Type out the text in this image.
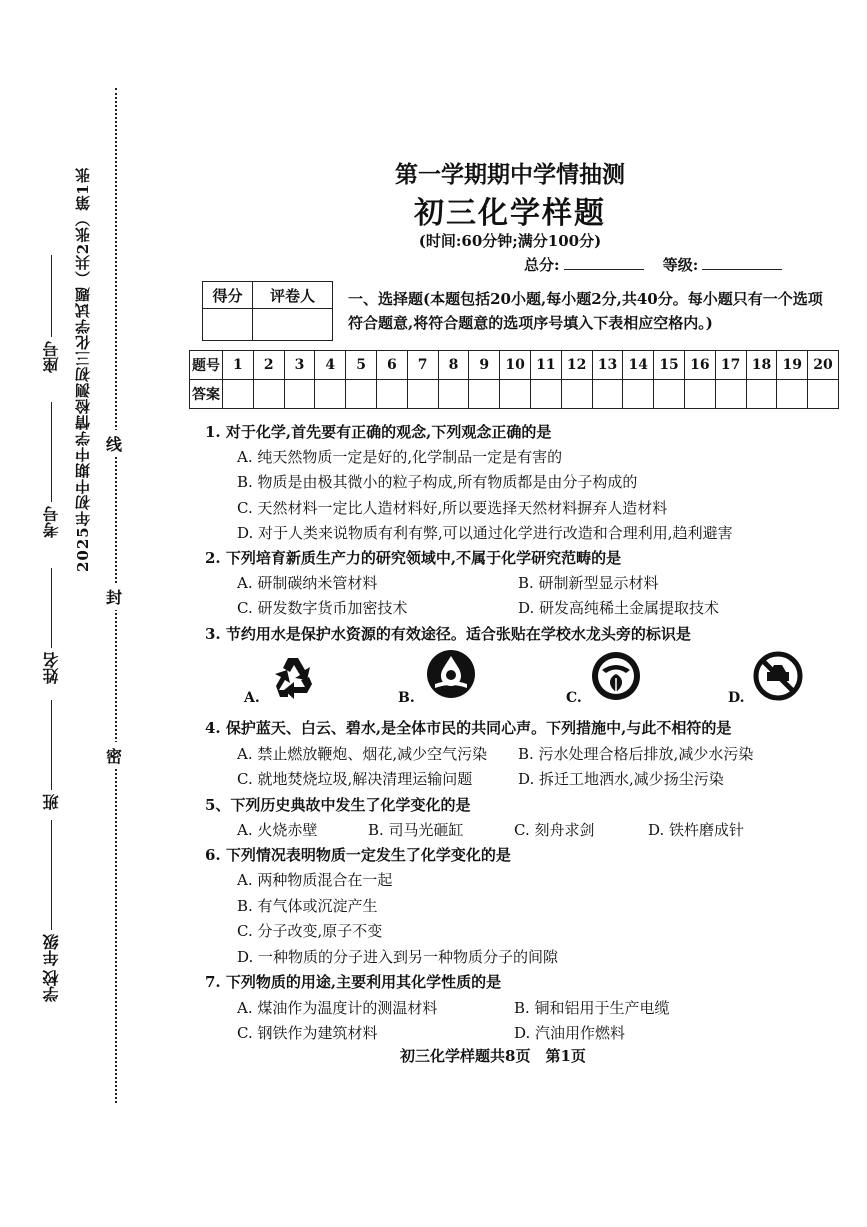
线
封
密
2025年初中期中学情检测初三化学试题（共2张）第1张
座号
考号
姓名
班
年级
学校
第一学期期中学情抽测
初三化学样题
(时间:60分钟;满分100分)
总分:	等级:
得分	评卷人
	一、选择题(本题包括20小题,每小题2分,共40分。每小题只有一个选项符合题意,将符合题意的选项序号填入下表相应空格内。)
题号	1	2	3	4	5	6	7	8	9	10	11	12	13	14	15	16	17	18	19	20
答案																				
1. 对于化学,首先要有正确的观念,下列观念正确的是
A. 纯天然物质一定是好的,化学制品一定是有害的
B. 物质是由极其微小的粒子构成,所有物质都是由分子构成的
C. 天然材料一定比人造材料好,所以要选择天然材料摒弃人造材料
D. 对于人类来说物质有利有弊,可以通过化学进行改造和合理利用,趋利避害
2. 下列培育新质生产力的研究领域中,不属于化学研究范畴的是
A. 研制碳纳米管材料	B. 研制新型显示材料
C. 研发数字货币加密技术	D. 研发高纯稀土金属提取技术
3. 节约用水是保护水资源的有效途径。适合张贴在学校水龙头旁的标识是
A.	B.	C.	D.
4. 保护蓝天、白云、碧水,是全体市民的共同心声。下列措施中,与此不相符的是
A. 禁止燃放鞭炮、烟花,减少空气污染 B. 污水处理合格后排放,减少水污染
C. 就地焚烧垃圾,解决清理运输问题	D. 拆迁工地洒水,减少扬尘污染
5、下列历史典故中发生了化学变化的是
A. 火烧赤壁	B. 司马光砸缸	C. 刻舟求剑	D. 铁杵磨成针
6. 下列情况表明物质一定发生了化学变化的是
A. 两种物质混合在一起
B. 有气体或沉淀产生
C. 分子改变,原子不变
D. 一种物质的分子进入到另一种物质分子的间隙
7. 下列物质的用途,主要利用其化学性质的是
A. 煤油作为温度计的测温材料	B. 铜和铝用于生产电缆
C. 钢铁作为建筑材料	D. 汽油用作燃料
初三化学样题共8页　第1页
